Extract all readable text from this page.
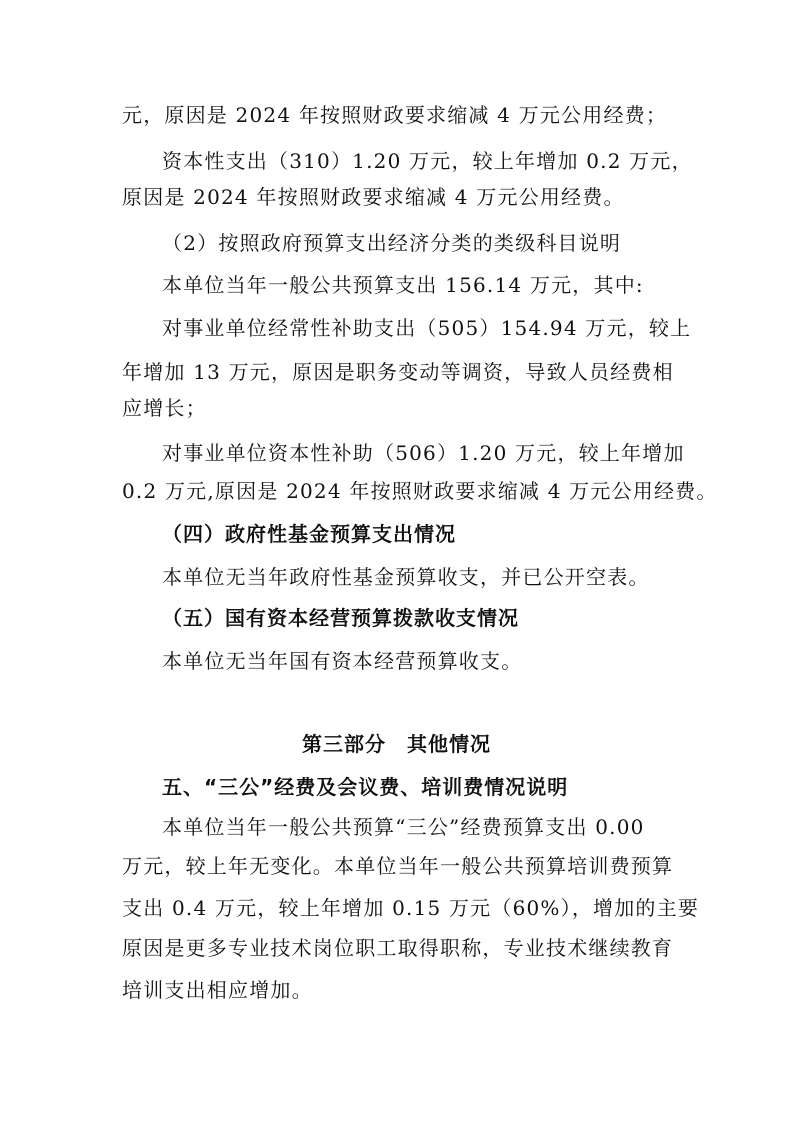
元，原因是 2024 年按照财政要求缩减 4 万元公用经费；
资本性支出（310）1.20 万元，较上年增加 0.2 万元，
原因是 2024 年按照财政要求缩减 4 万元公用经费。
（2）按照政府预算支出经济分类的类级科目说明
本单位当年一般公共预算支出 156.14 万元，其中:
对事业单位经常性补助支出（505）154.94 万元，较上
年增加 13 万元，原因是职务变动等调资，导致人员经费相
应增长；
对事业单位资本性补助（506）1.20 万元，较上年增加
0.2 万元,原因是 2024 年按照财政要求缩减 4 万元公用经费。
（四）政府性基金预算支出情况
本单位无当年政府性基金预算收支，并已公开空表。
（五）国有资本经营预算拨款收支情况
本单位无当年国有资本经营预算收支。
第三部分　其他情况
五、“三公”经费及会议费、培训费情况说明
本单位当年一般公共预算“三公”经费预算支出 0.00
万元，较上年无变化。本单位当年一般公共预算培训费预算
支出 0.4 万元，较上年增加 0.15 万元（60%），增加的主要
原因是更多专业技术岗位职工取得职称，专业技术继续教育
培训支出相应增加。
